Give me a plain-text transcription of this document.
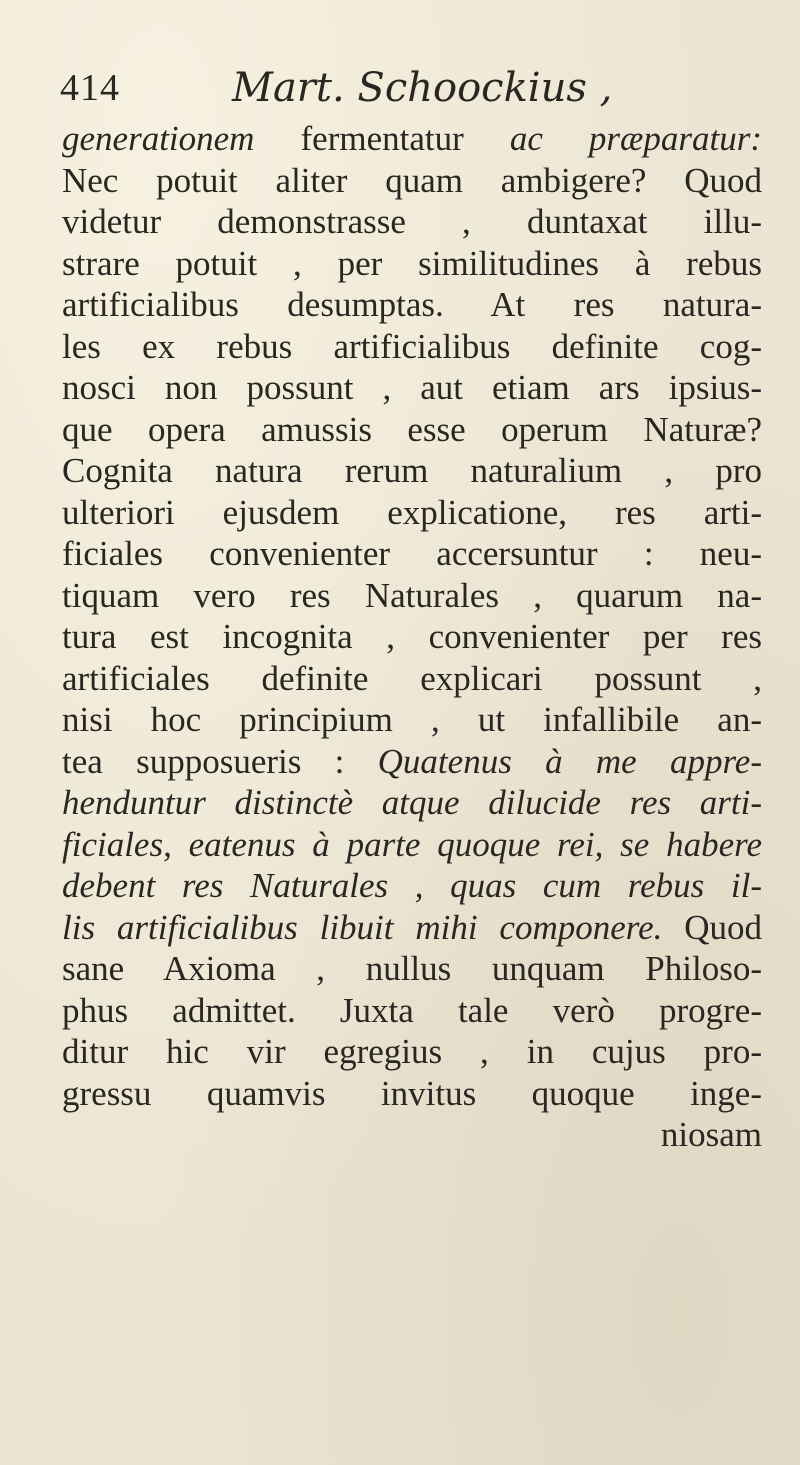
414	Mart. Schoockius ,
generationem fermentatur ac præparatur:
Nec potuit aliter quam ambigere? Quod
videtur demonstrasse , duntaxat illu-
strare potuit , per similitudines à rebus
artificialibus desumptas. At res natura-
les ex rebus artificialibus definite cog-
nosci non possunt , aut etiam ars ipsius-
que opera amussis esse operum Naturæ?
Cognita natura rerum naturalium , pro
ulteriori ejusdem explicatione, res arti-
ficiales convenienter accersuntur : neu-
tiquam vero res Naturales , quarum na-
tura est incognita , convenienter per res
artificiales definite explicari possunt ,
nisi hoc principium , ut infallibile an-
tea supposueris : Quatenus à me appre-
henduntur distinctè atque dilucide res arti-
ficiales, eatenus à parte quoque rei, se habere
debent res Naturales , quas cum rebus il-
lis artificialibus libuit mihi componere. Quod
sane Axioma , nullus unquam Philoso-
phus admittet. Juxta tale verò progre-
ditur hic vir egregius , in cujus pro-
gressu quamvis invitus quoque inge-
niosam
